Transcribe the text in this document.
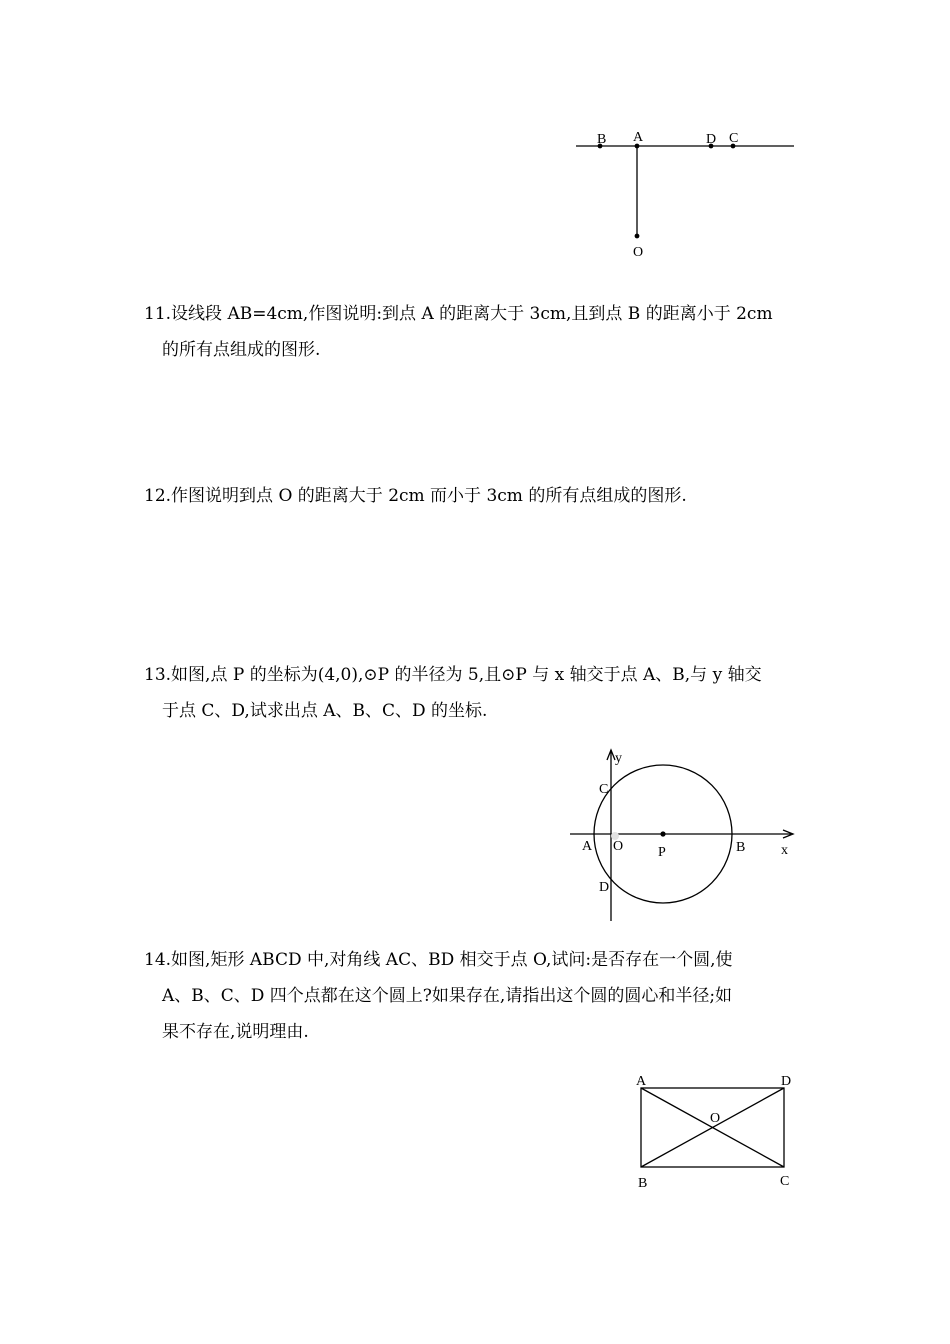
B A	D C
O

11.设线段 AB=4cm,作图说明:到点 A 的距离大于 3cm,且到点 B 的距离小于 2cm
的所有点组成的图形.

12.作图说明到点 O 的距离大于 2cm 而小于 3cm 的所有点组成的图形.

13.如图,点 P 的坐标为(4,0),⊙P 的半径为 5,且⊙P 与 x 轴交于点 A、B,与 y 轴交
于点 C、D,试求出点 A、B、C、D 的坐标.

y
x
C
A O P	B
D

14.如图,矩形 ABCD 中,对角线 AC、BD 相交于点 O,试问:是否存在一个圆,使
A、B、C、D 四个点都在这个圆上?如果存在,请指出这个圆的圆心和半径;如
果不存在,说明理由.

A	D
O
B	C
